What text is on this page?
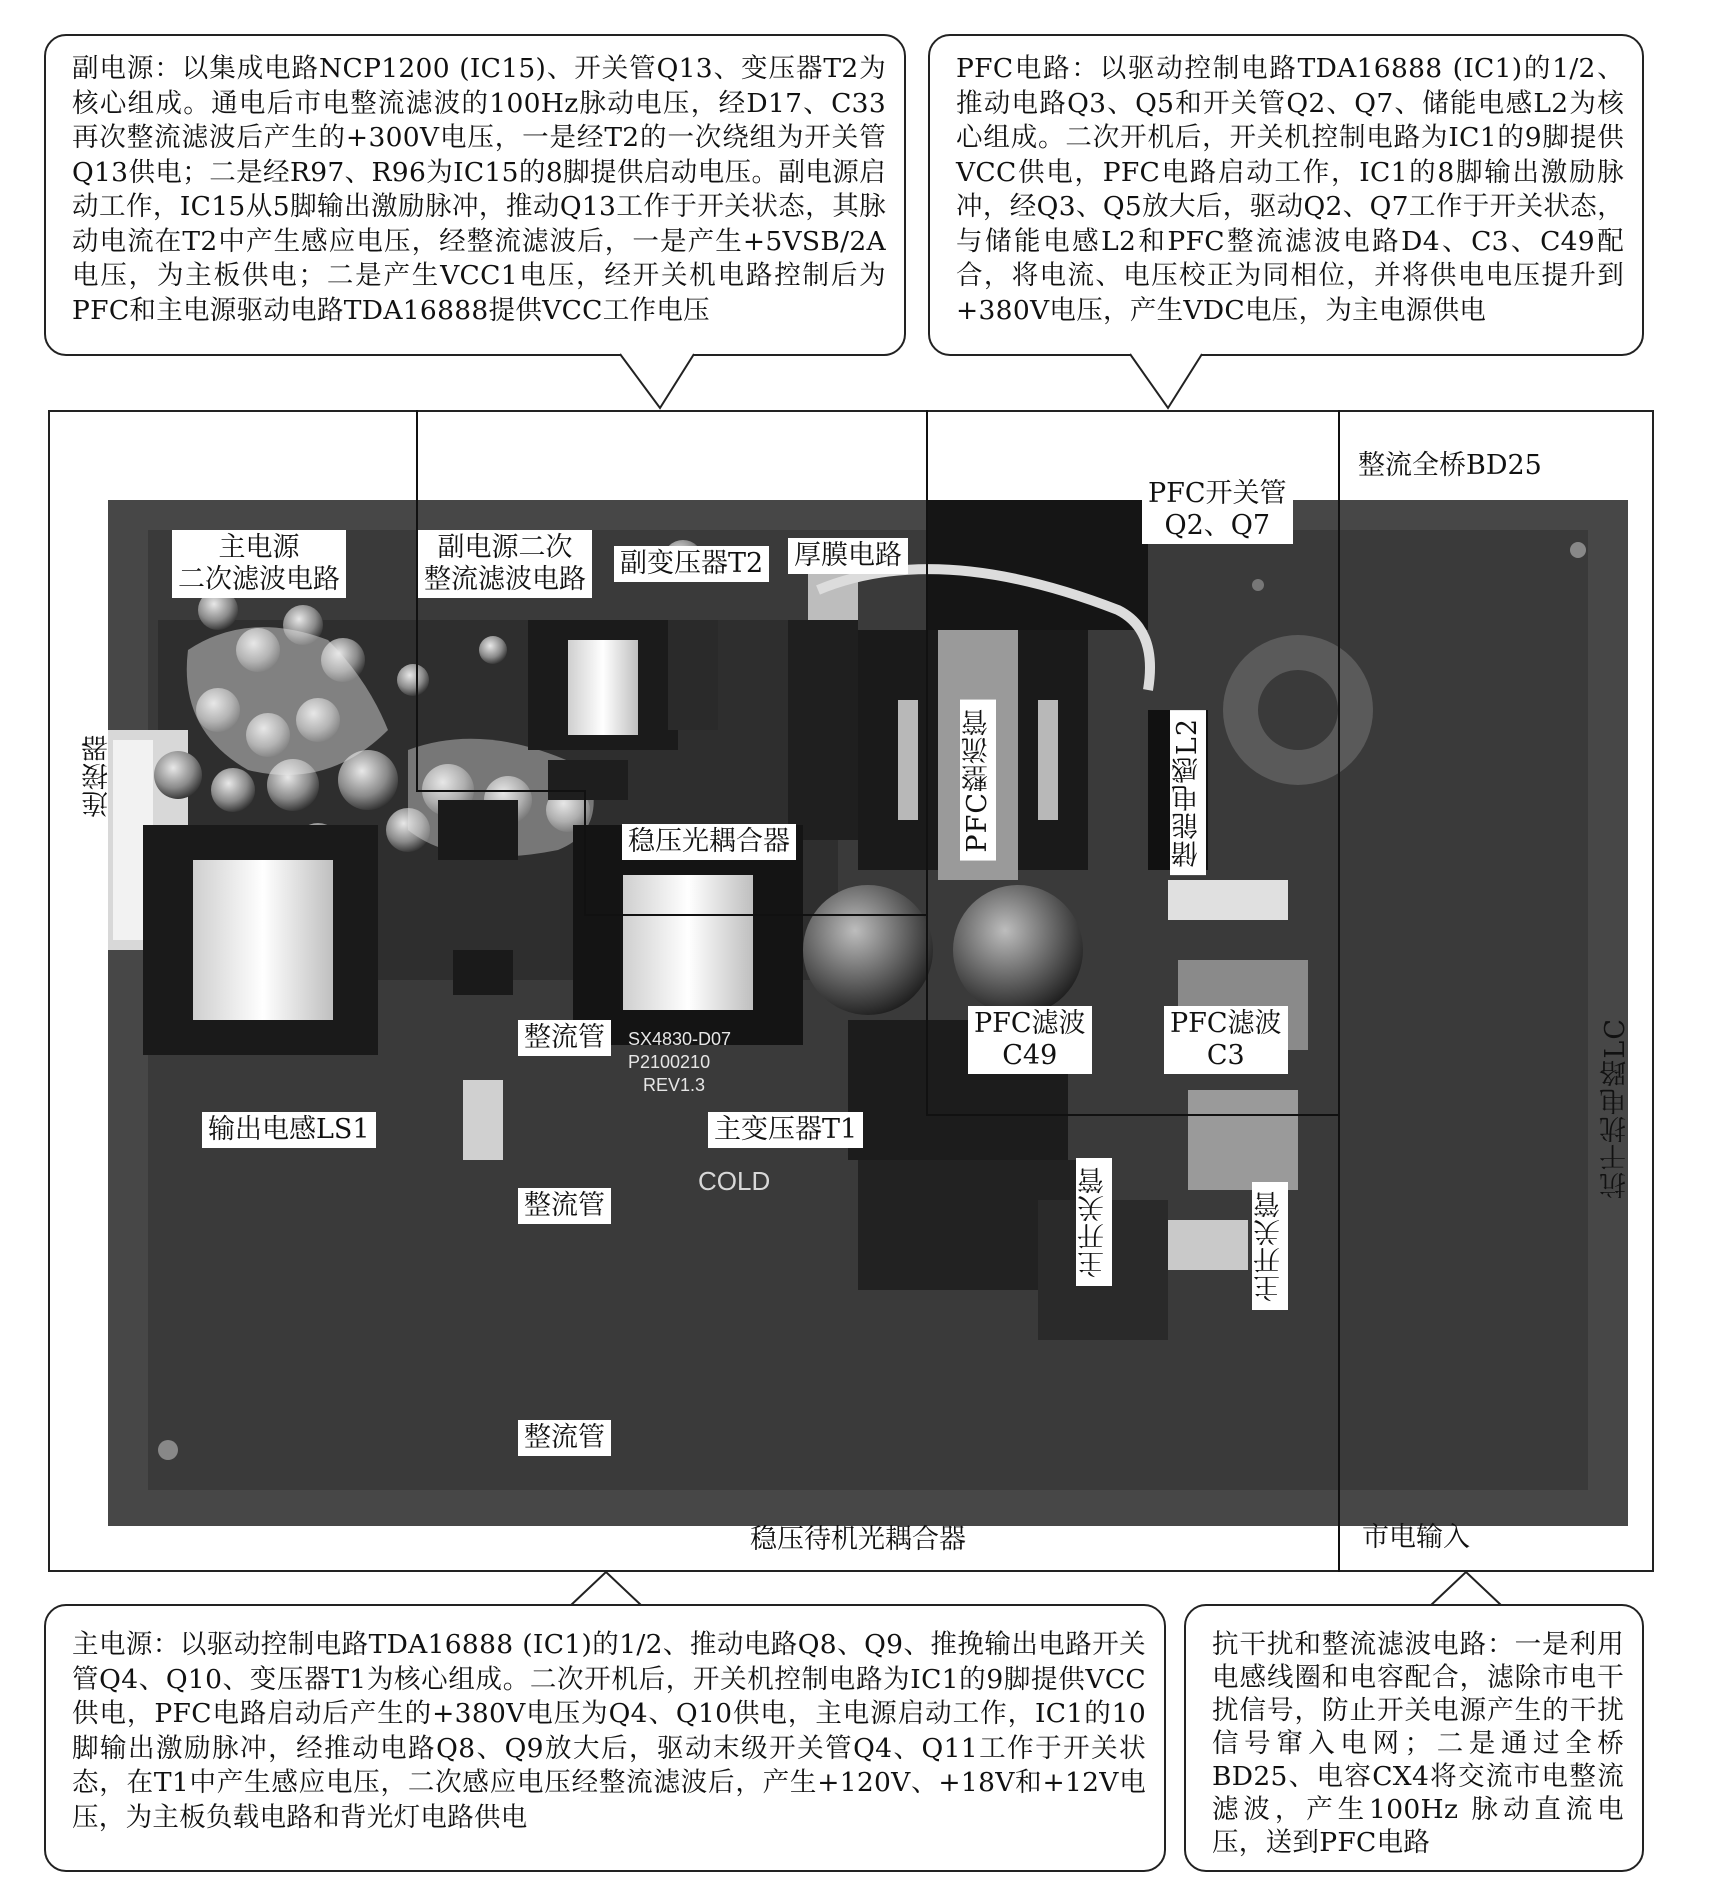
副电源：以集成电路NCP1200 (IC15)、开关管Q13、变压器T2为核心组成。通电后市电整流滤波的100Hz脉动电压，经D17、C33再次整流滤波后产生的+300V电压，一是经T2的一次绕组为开关管Q13供电；二是经R97、R96为IC15的8脚提供启动电压。副电源启动工作，IC15从5脚输出激励脉冲，推动Q13工作于开关状态，其脉动电流在T2中产生感应电压，经整流滤波后，一是产生+5VSB/2A电压，为主板供电；二是产生VCC1电压，经开关机电路控制后为PFC和主电源驱动电路TDA16888提供VCC工作电压
PFC电路：以驱动控制电路TDA16888 (IC1)的1/2、推动电路Q3、Q5和开关管Q2、Q7、储能电感L2为核心组成。二次开机后，开关机控制电路为IC1的9脚提供VCC供电，PFC电路启动工作，IC1的8脚输出激励脉冲，经Q3、Q5放大后，驱动Q2、Q7工作于开关状态，与储能电感L2和PFC整流滤波电路D4、C3、C49配合，将电流、电压校正为同相位，并将供电电压提升到+380V电压，产生VDC电压，为主电源供电
SX4830-D07
P2100210
REV1.3
COLD
整流全桥BD25
PFC开关管
Q2、Q7
主电源
二次滤波电路
副电源二次
整流滤波电路
副变压器T2 厚膜电路
连接器	PFC整流管	储能电感L2
稳压光耦合器
PFC滤波
C49
PFC滤波
C3	抗干扰电路LC
整流管
输出电感LS1	主变压器T1
整流管	主开关管	主开关管
整流管
稳压待机光耦合器	市电输入
主电源：以驱动控制电路TDA16888 (IC1)的1/2、推动电路Q8、Q9、推挽输出电路开关管Q4、Q10、变压器T1为核心组成。二次开机后，开关机控制电路为IC1的9脚提供VCC供电，PFC电路启动后产生的+380V电压为Q4、Q10供电，主电源启动工作，IC1的10脚输出激励脉冲，经推动电路Q8、Q9放大后，驱动末级开关管Q4、Q11工作于开关状态，在T1中产生感应电压，二次感应电压经整流滤波后，产生+120V、+18V和+12V电压，为主板负载电路和背光灯电路供电
抗干扰和整流滤波电路：一是利用电感线圈和电容配合，滤除市电干扰信号，防止开关电源产生的干扰信号窜入电网；二是通过全桥BD25、电容CX4将交流市电整流滤波，产生100Hz 脉动直流电压，送到PFC电路
